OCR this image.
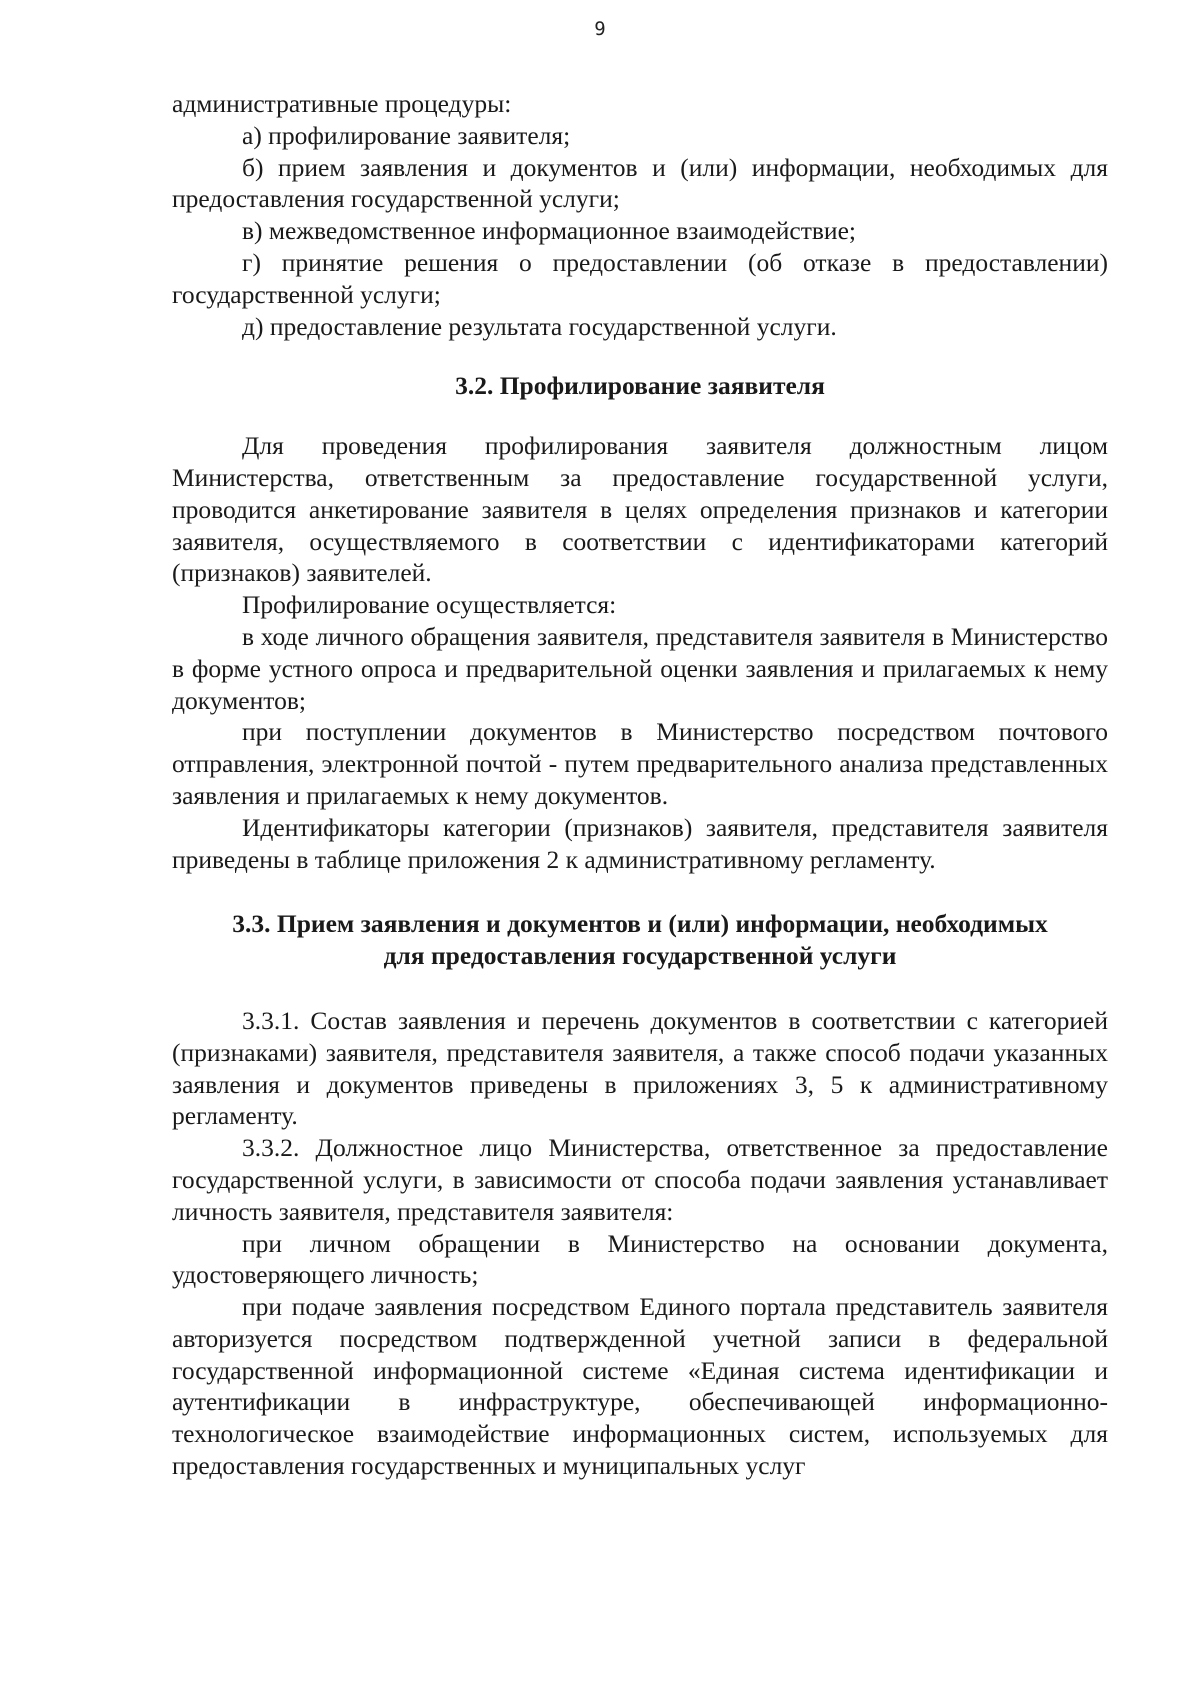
9

административные процедуры:

а) профилирование заявителя;

б) прием заявления и документов и (или) информации, необходимых для предоставления государственной услуги;

в) межведомственное информационное взаимодействие;

г) принятие решения о предоставлении (об отказе в предоставлении) государственной услуги;

д) предоставление результата государственной услуги.

3.2. Профилирование заявителя

Для проведения профилирования заявителя должностным лицом Министерства, ответственным за предоставление государственной услуги, проводится анкетирование заявителя в целях определения признаков и категории заявителя, осуществляемого в соответствии с идентификаторами категорий (признаков) заявителей.

Профилирование осуществляется:

в ходе личного обращения заявителя, представителя заявителя в Министерство в форме устного опроса и предварительной оценки заявления и прилагаемых к нему документов;

при поступлении документов в Министерство посредством почтового отправления, электронной почтой - путем предварительного анализа представленных заявления и прилагаемых к нему документов.

Идентификаторы категории (признаков) заявителя, представителя заявителя приведены в таблице приложения 2 к административному регламенту.

3.3. Прием заявления и документов и (или) информации, необходимых

для предоставления государственной услуги

3.3.1. Состав заявления и перечень документов в соответствии с категорией (признаками) заявителя, представителя заявителя, а также способ подачи указанных заявления и документов приведены в приложениях 3, 5 к административному регламенту.

3.3.2. Должностное лицо Министерства, ответственное за предоставление государственной услуги, в зависимости от способа подачи заявления устанавливает личность заявителя, представителя заявителя:

при личном обращении в Министерство на основании документа, удостоверяющего личность;

при подаче заявления посредством Единого портала представитель заявителя авторизуется посредством подтвержденной учетной записи в федеральной государственной информационной системе «Единая система идентификации и аутентификации в инфраструктуре, обеспечивающей информационно-технологическое взаимодействие информационных систем, используемых для предоставления государственных и муниципальных услуг
